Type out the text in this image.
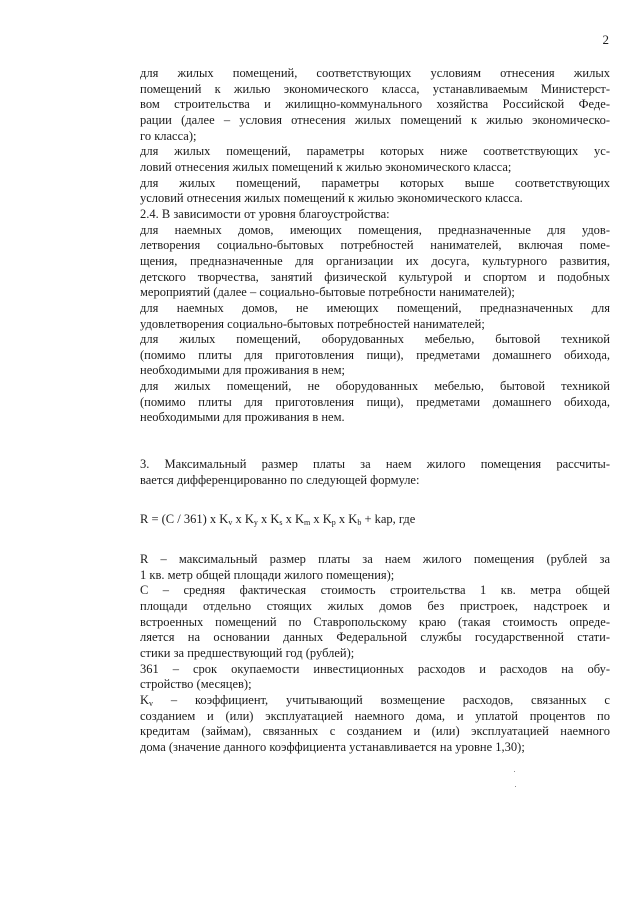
2

для жилых помещений, соответствующих условиям отнесения жилых
помещений к жилью экономического класса, устанавливаемым Министерст-
вом строительства и жилищно-коммунального хозяйства Российской Феде-
рации (далее – условия отнесения жилых помещений к жилью экономическо-
го класса);

для жилых помещений, параметры которых ниже соответствующих ус-
ловий отнесения жилых помещений к жилью экономического класса;

для жилых помещений, параметры которых выше соответствующих
условий отнесения жилых помещений к жилью экономического класса.

2.4. В зависимости от уровня благоустройства:

для наемных домов, имеющих помещения, предназначенные для удов-
летворения социально-бытовых потребностей нанимателей, включая поме-
щения, предназначенные для организации их досуга, культурного развития,
детского творчества, занятий физической культурой и спортом и подобных
мероприятий (далее – социально-бытовые потребности нанимателей);

для наемных домов, не имеющих помещений, предназначенных для
удовлетворения социально-бытовых потребностей нанимателей;

для жилых помещений, оборудованных мебелью, бытовой техникой
(помимо плиты для приготовления пищи), предметами домашнего обихода,
необходимыми для проживания в нем;

для жилых помещений, не оборудованных мебелью, бытовой техникой
(помимо плиты для приготовления пищи), предметами домашнего обихода,
необходимыми для проживания в нем.

3. Максимальный размер платы за наем жилого помещения рассчиты-
вается дифференцированно по следующей формуле:

R = (C / 361) x $K_v$ x $K_y$ x $K_s$ x $K_m$ x $K_p$ x $K_b$ + kap, где

R – максимальный размер платы за наем жилого помещения (рублей за
1 кв. метр общей площади жилого помещения);

C – средняя фактическая стоимость строительства 1 кв. метра общей
площади отдельно стоящих жилых домов без пристроек, надстроек и
встроенных помещений по Ставропольскому краю (такая стоимость опреде-
ляется на основании данных Федеральной службы государственной стати-
стики за предшествующий год (рублей);

361 – срок окупаемости инвестиционных расходов и расходов на обу-
стройство (месяцев);

$K_v$ – коэффициент, учитывающий возмещение расходов, связанных с
созданием и (или) эксплуатацией наемного дома, и уплатой процентов по
кредитам (займам), связанных с созданием и (или) эксплуатацией наемного
дома (значение данного коэффициента устанавливается на уровне 1,30);
